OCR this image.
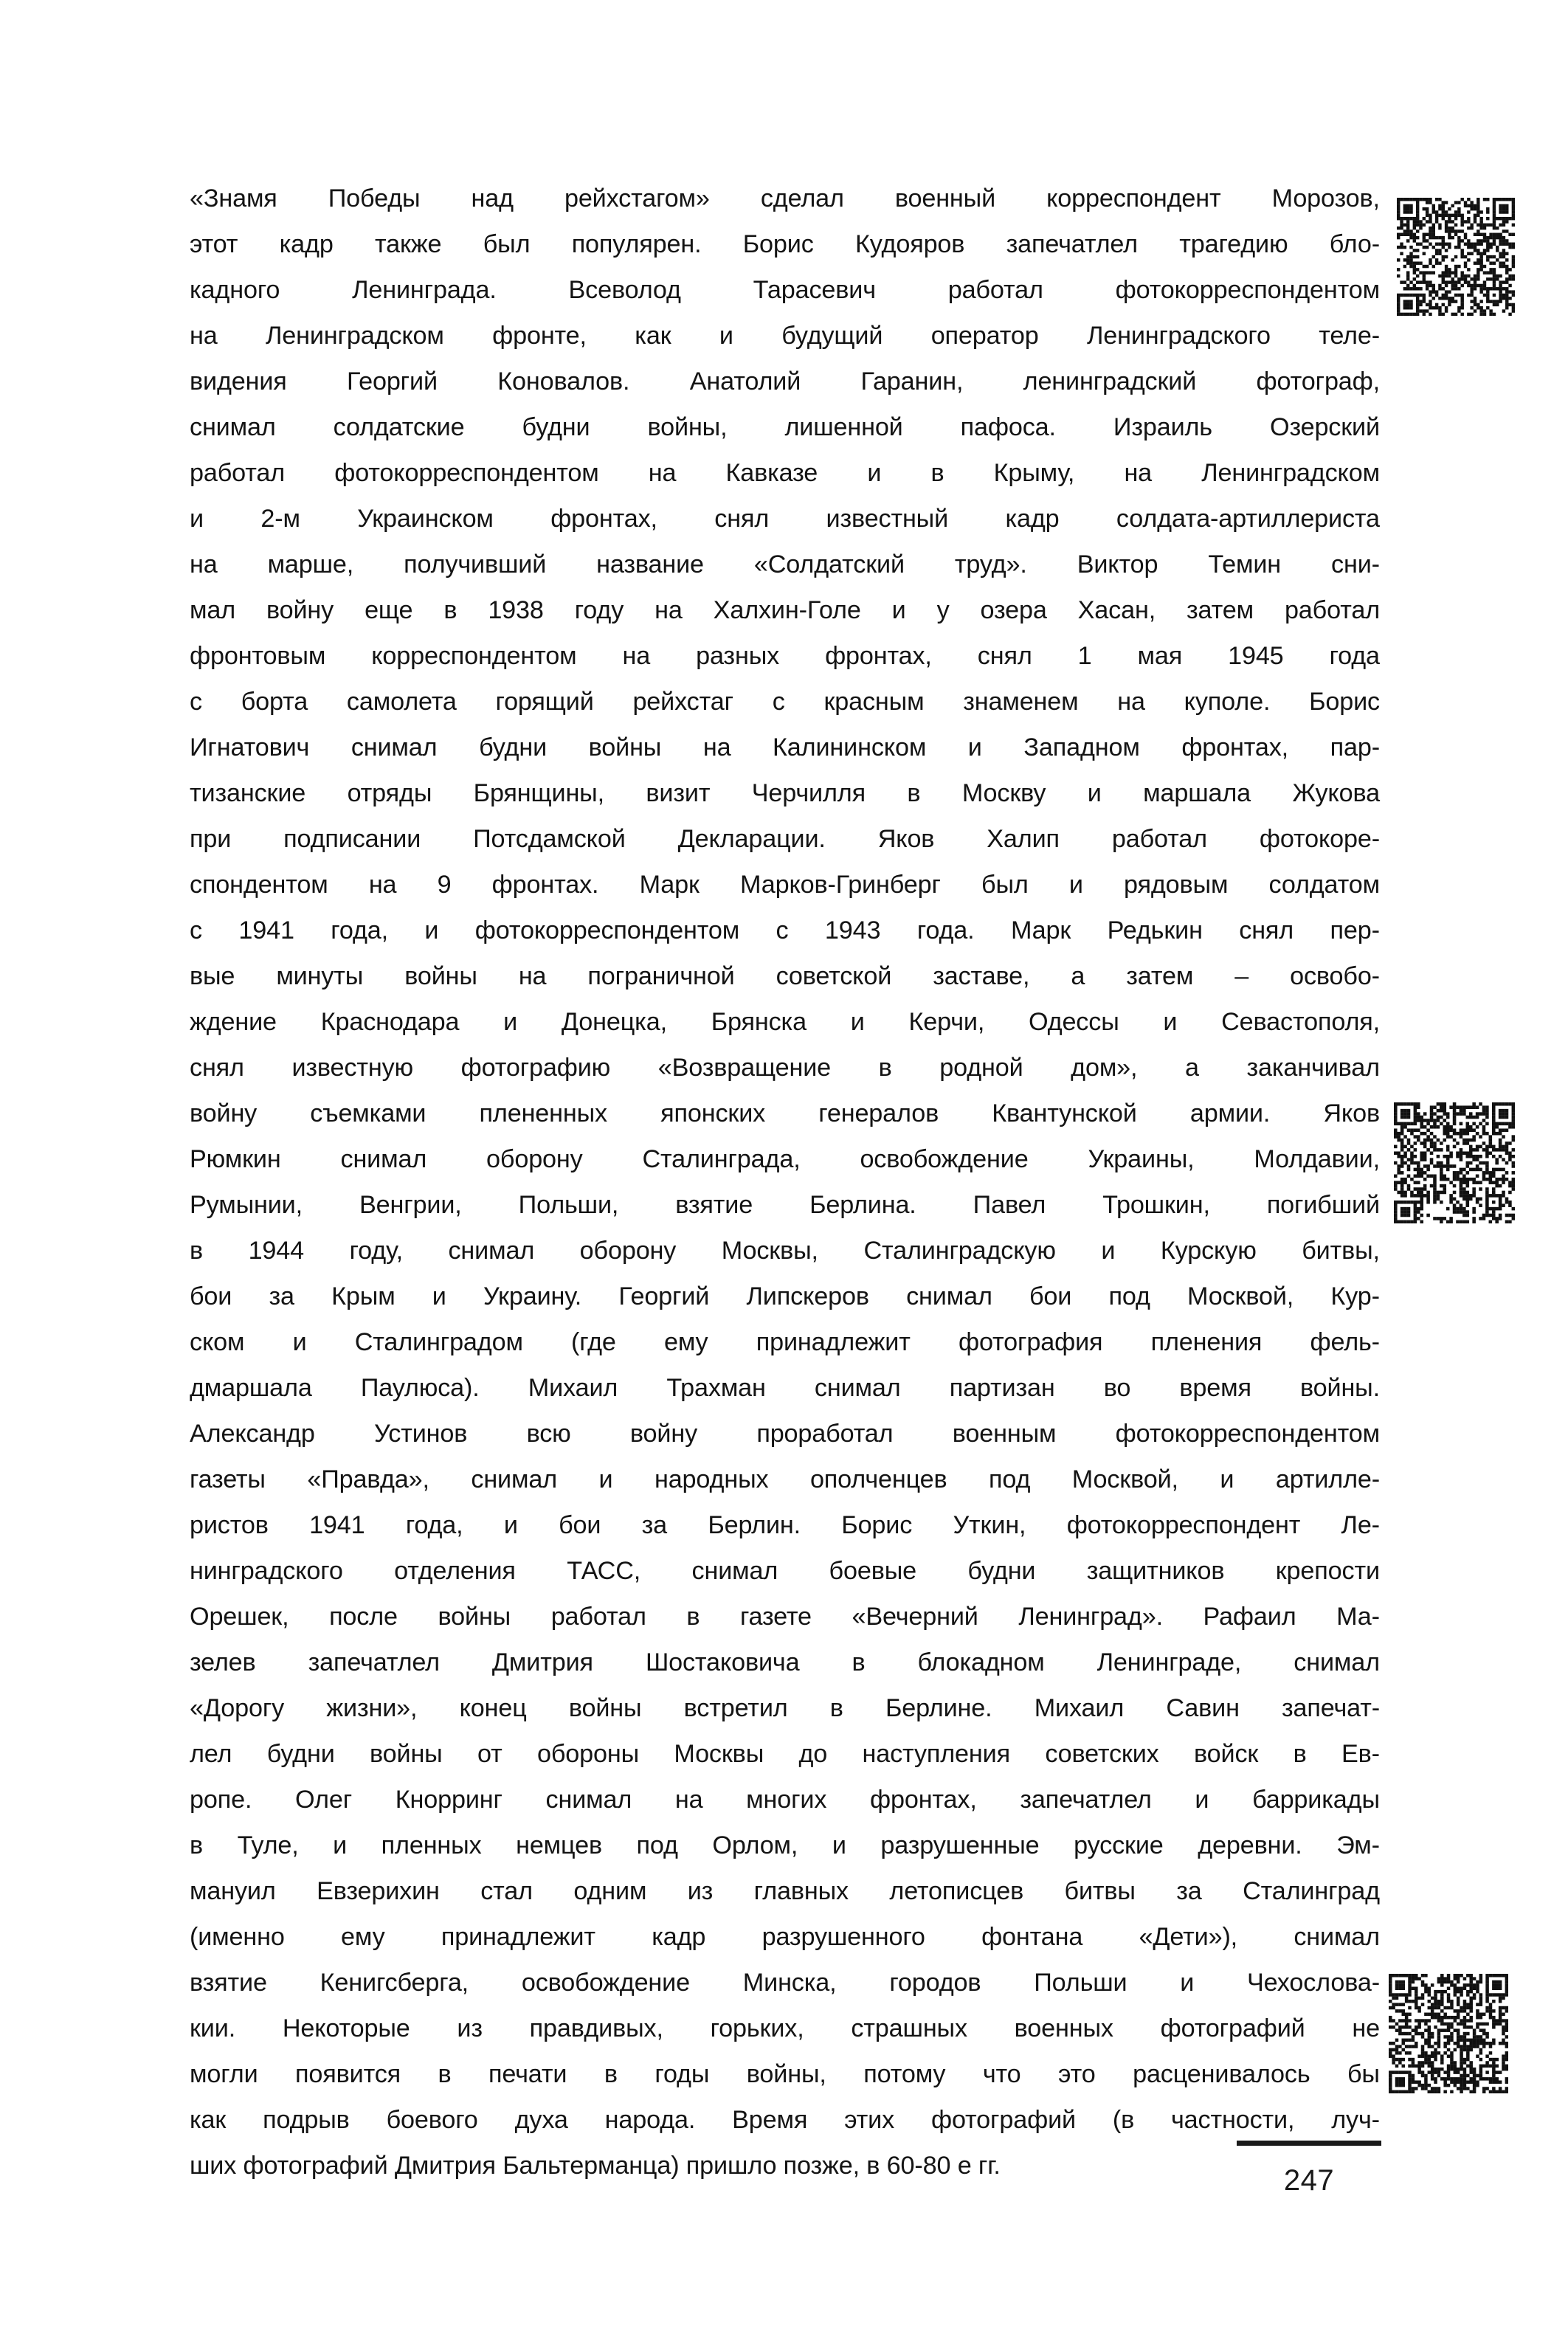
«Знамя Победы над рейхстагом» сделал военный корреспондент Морозов,
этот кадр также был популярен. Борис Кудояров запечатлел трагедию бло-
кадного	Ленинграда.	Всеволод	Тарасевич	работал	фотокорреспондентом
на Ленинградском фронте, как и будущий оператор Ленинградского теле-
видения Георгий Коновалов. Анатолий Гаранин, ленинградский фотограф,
снимал солдатские будни войны, лишенной пафоса. Израиль Озерский
работал фотокорреспондентом на Кавказе и в Крыму, на Ленинградском
и 2-м Украинском фронтах, снял известный кадр солдата-артиллериста
на марше, получивший название «Солдатский труд». Виктор Темин сни-
мал войну еще в 1938 году на Халхин-Голе и у озера Хасан, затем работал
фронтовым корреспондентом на разных фронтах, снял 1 мая 1945 года
с борта самолета горящий рейхстаг с красным знаменем на куполе. Борис
Игнатович снимал будни войны на Калининском и Западном фронтах, пар-
тизанские отряды Брянщины, визит Черчилля в Москву и маршала Жукова
при подписании Потсдамской Декларации. Яков Халип работал фотокоре-
спондентом на 9 фронтах. Марк Марков-Гринберг был и рядовым солдатом
с 1941 года, и фотокорреспондентом с 1943 года. Марк Редькин снял пер-
вые минуты войны на пограничной советской заставе, а затем – освобо-
ждение Краснодара и Донецка, Брянска и Керчи, Одессы и Севастополя,
снял известную фотографию «Возвращение в родной дом», а заканчивал
войну съемками плененных японских генералов Квантунской армии. Яков
Рюмкин снимал оборону Сталинграда, освобождение Украины, Молдавии,
Румынии, Венгрии, Польши, взятие Берлина. Павел Трошкин, погибший
в 1944 году, снимал оборону Москвы, Сталинградскую и Курскую битвы,
бои за Крым и Украину. Георгий Липскеров снимал бои под Москвой, Кур-
ском и Сталинградом (где ему принадлежит фотография пленения фель-
дмаршала Паулюса). Михаил Трахман снимал партизан во время войны.
Александр Устинов всю войну проработал военным фотокорреспондентом
газеты «Правда», снимал и народных ополченцев под Москвой, и артилле-
ристов 1941 года, и бои за Берлин. Борис Уткин, фотокорреспондент Ле-
нинградского отделения ТАСС, снимал боевые будни защитников крепости
Орешек, после войны работал в газете «Вечерний Ленинград». Рафаил Ма-
зелев запечатлел Дмитрия Шостаковича в блокадном Ленинграде, снимал
«Дорогу жизни», конец войны встретил в Берлине. Михаил Савин запечат-
лел будни войны от обороны Москвы до наступления советских войск в Ев-
ропе. Олег Кнорринг снимал на многих фронтах, запечатлел и баррикады
в Туле, и пленных немцев под Орлом, и разрушенные русские деревни. Эм-
мануил Евзерихин стал одним из главных летописцев битвы за Сталинград
(именно ему принадлежит кадр разрушенного фонтана «Дети»), снимал
взятие Кенигсберга, освобождение Минска, городов Польши и Чехослова-
кии. Некоторые из правдивых, горьких, страшных военных фотографий не
могли появится в печати в годы войны, потому что это расценивалось бы
как подрыв боевого духа народа. Время этих фотографий (в частности, луч-
ших фотографий Дмитрия Бальтерманца) пришло позже, в 60-80 е гг.	247
